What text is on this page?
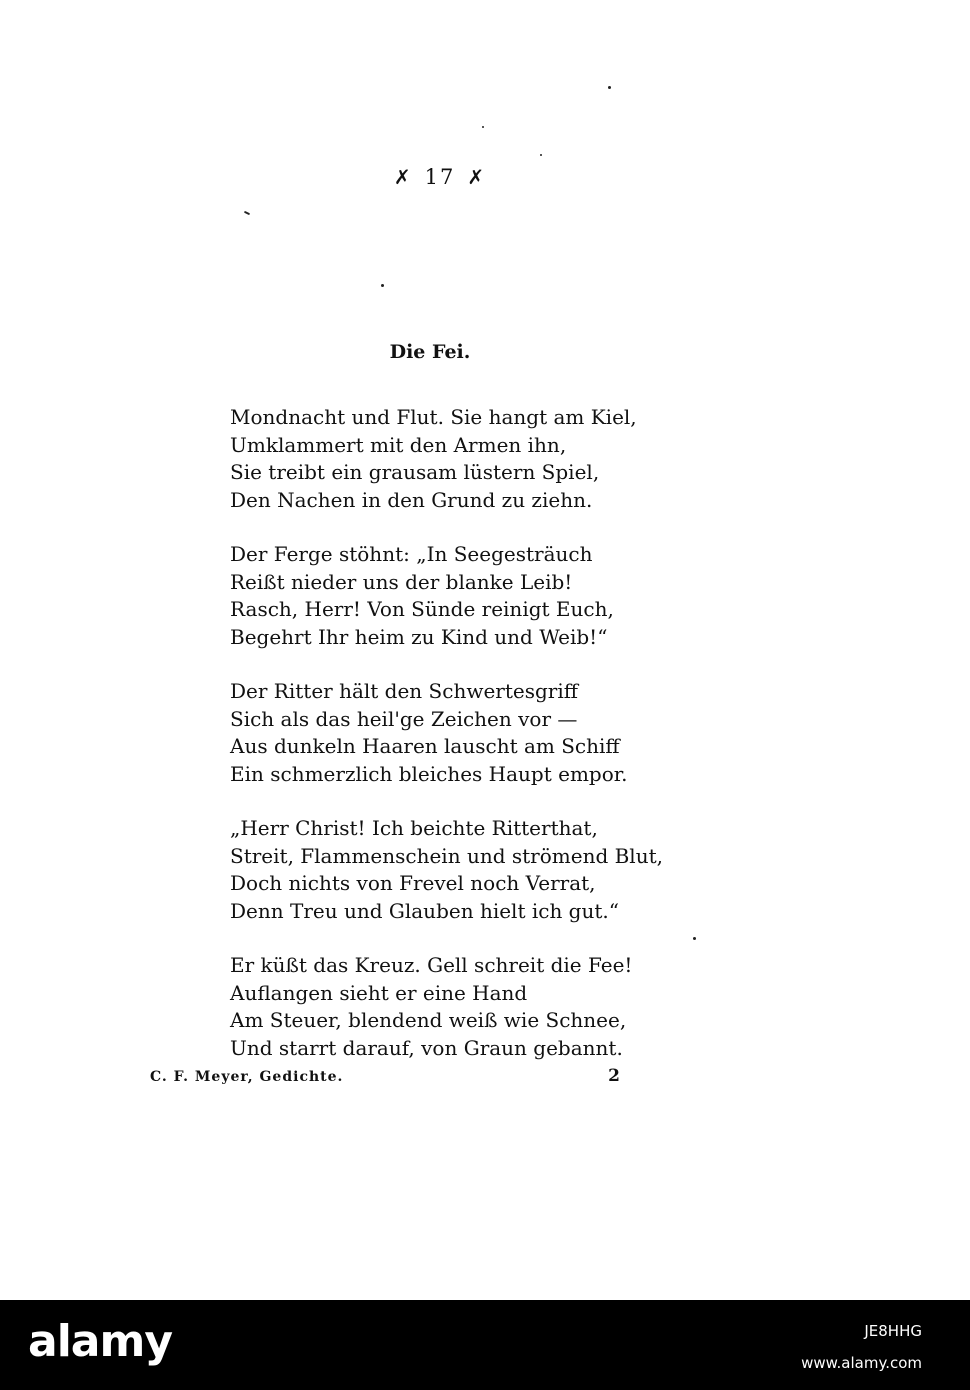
✗ 17 ✗
Die Fei.
Mondnacht und Flut. Sie hangt am Kiel,
Umklammert mit den Armen ihn,
Sie treibt ein grausam lüstern Spiel,
Den Nachen in den Grund zu ziehn.
Der Ferge stöhnt: „In Seegesträuch
Reißt nieder uns der blanke Leib!
Rasch, Herr! Von Sünde reinigt Euch,
Begehrt Ihr heim zu Kind und Weib!“
Der Ritter hält den Schwertesgriff
Sich als das heil'ge Zeichen vor —
Aus dunkeln Haaren lauscht am Schiff
Ein schmerzlich bleiches Haupt empor.
„Herr Christ! Ich beichte Ritterthat,
Streit, Flammenschein und strömend Blut,
Doch nichts von Frevel noch Verrat,
Denn Treu und Glauben hielt ich gut.“
Er küßt das Kreuz. Gell schreit die Fee!
Auflangen sieht er eine Hand
Am Steuer, blendend weiß wie Schnee,
Und starrt darauf, von Graun gebannt.
C. F. Meyer, Gedichte.	2
alamy	JE8HHG
www.alamy.com
